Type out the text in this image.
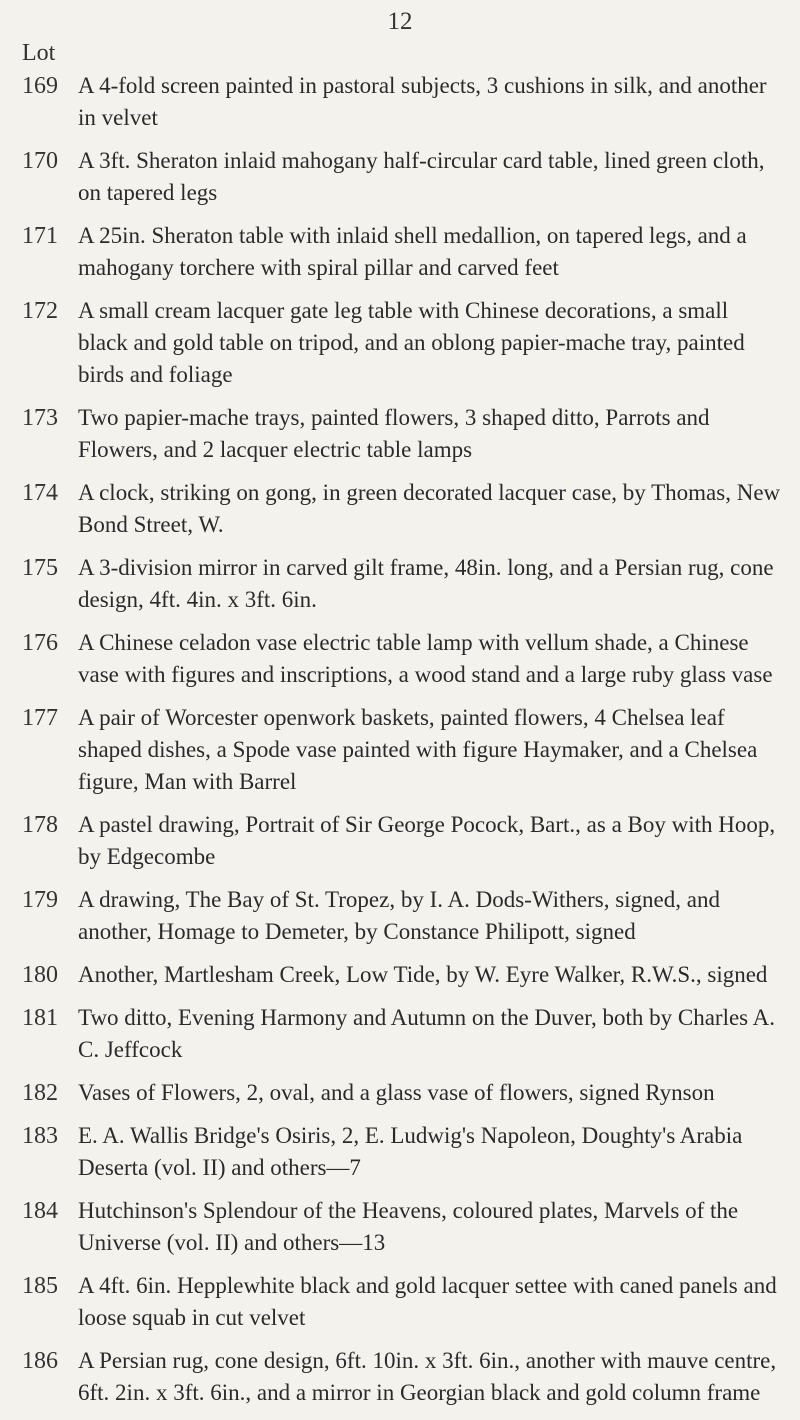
12
Lot
169 A 4-fold screen painted in pastoral subjects, 3 cushions in silk, and another in velvet
170 A 3ft. Sheraton inlaid mahogany half-circular card table, lined green cloth, on tapered legs
171 A 25in. Sheraton table with inlaid shell medallion, on tapered legs, and a mahogany torchere with spiral pillar and carved feet
172 A small cream lacquer gate leg table with Chinese decorations, a small black and gold table on tripod, and an oblong papier-mache tray, painted birds and foliage
173 Two papier-mache trays, painted flowers, 3 shaped ditto, Parrots and Flowers, and 2 lacquer electric table lamps
174 A clock, striking on gong, in green decorated lacquer case, by Thomas, New Bond Street, W.
175 A 3-division mirror in carved gilt frame, 48in. long, and a Persian rug, cone design, 4ft. 4in. x 3ft. 6in.
176 A Chinese celadon vase electric table lamp with vellum shade, a Chinese vase with figures and inscriptions, a wood stand and a large ruby glass vase
177 A pair of Worcester openwork baskets, painted flowers, 4 Chelsea leaf shaped dishes, a Spode vase painted with figure Haymaker, and a Chelsea figure, Man with Barrel
178 A pastel drawing, Portrait of Sir George Pocock, Bart., as a Boy with Hoop, by Edgecombe
179 A drawing, The Bay of St. Tropez, by I. A. Dods-Withers, signed, and another, Homage to Demeter, by Constance Philipott, signed
180 Another, Martlesham Creek, Low Tide, by W. Eyre Walker, R.W.S., signed
181 Two ditto, Evening Harmony and Autumn on the Duver, both by Charles A. C. Jeffcock
182 Vases of Flowers, 2, oval, and a glass vase of flowers, signed Rynson
183 E. A. Wallis Bridge's Osiris, 2, E. Ludwig's Napoleon, Doughty's Arabia Deserta (vol. II) and others—7
184 Hutchinson's Splendour of the Heavens, coloured plates, Marvels of the Universe (vol. II) and others—13
185 A 4ft. 6in. Hepplewhite black and gold lacquer settee with caned panels and loose squab in cut velvet
186 A Persian rug, cone design, 6ft. 10in. x 3ft. 6in., another with mauve centre, 6ft. 2in. x 3ft. 6in., and a mirror in Georgian black and gold column frame
